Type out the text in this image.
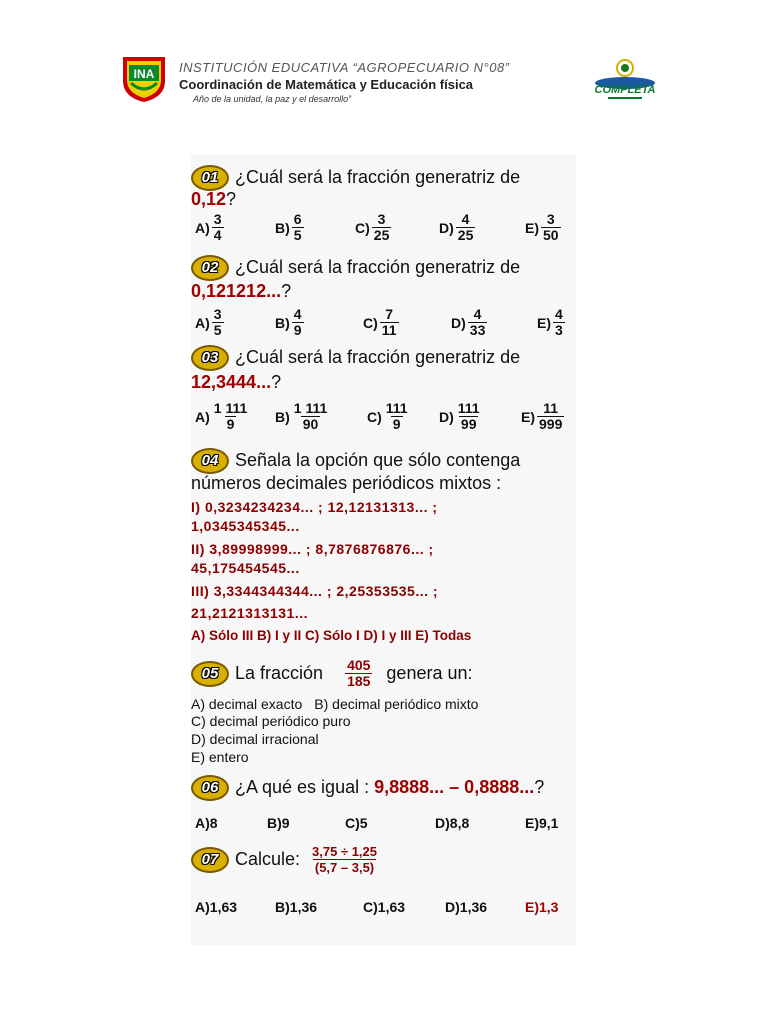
INA INSTITUCIÓN EDUCATIVA “AGROPECUARIO N°08”
Coordinación de Matemática y Educación física
Año de la unidad, la paz y el desarrollo”
COMPLETA
01 ¿Cuál será la fracción generatriz de
0,12?
$A) \frac{3}{4}$	$B) \frac{6}{5}$	$C) \frac{3}{25}$	$D) \frac{4}{25}$	$E) \frac{3}{50}$
02 ¿Cuál será la fracción generatriz de
0,121212...?
$A) \frac{3}{5}$	$B) \frac{4}{9}$	$C) \frac{7}{11}$	$D) \frac{4}{33}$	$E) \frac{4}{3}$
03 ¿Cuál será la fracción generatriz de
12,3444...?
$A) \frac{1 111}{9} B) \frac{1 111}{90}$	$C) \frac{111}{9} D) \frac{111}{99}$	$E) \frac{11}{999}$
04 Señala la opción que sólo contenga
números decimales periódicos mixtos :
I) 0,3234234234... ; 12,12131313... ;
1,0345345345...
II) 3,89998999... ; 8,7876876876... ;
45,175454545...
III) 3,3344344344... ; 2,25353535... ;
21,2121313131...
A) Sólo III B) I y II C) Sólo I D) I y III E) Todas
05 La fracción $\frac{405}{185}$ genera un:
A) decimal exacto B) decimal periódico mixto
C) decimal periódico puro
D) decimal irracional
E) entero
06 ¿A qué es igual : 9,8888... – 0,8888...?
A) 8	B) 9	C) 5	D) 8,8	E) 9,1
07 Calcule: $\frac{3,75 \div 1,25}{(5,7 - 3,5)}$
A) 1,63	B) 1,36	C) 1,63	D) 1,36	E)1,3
